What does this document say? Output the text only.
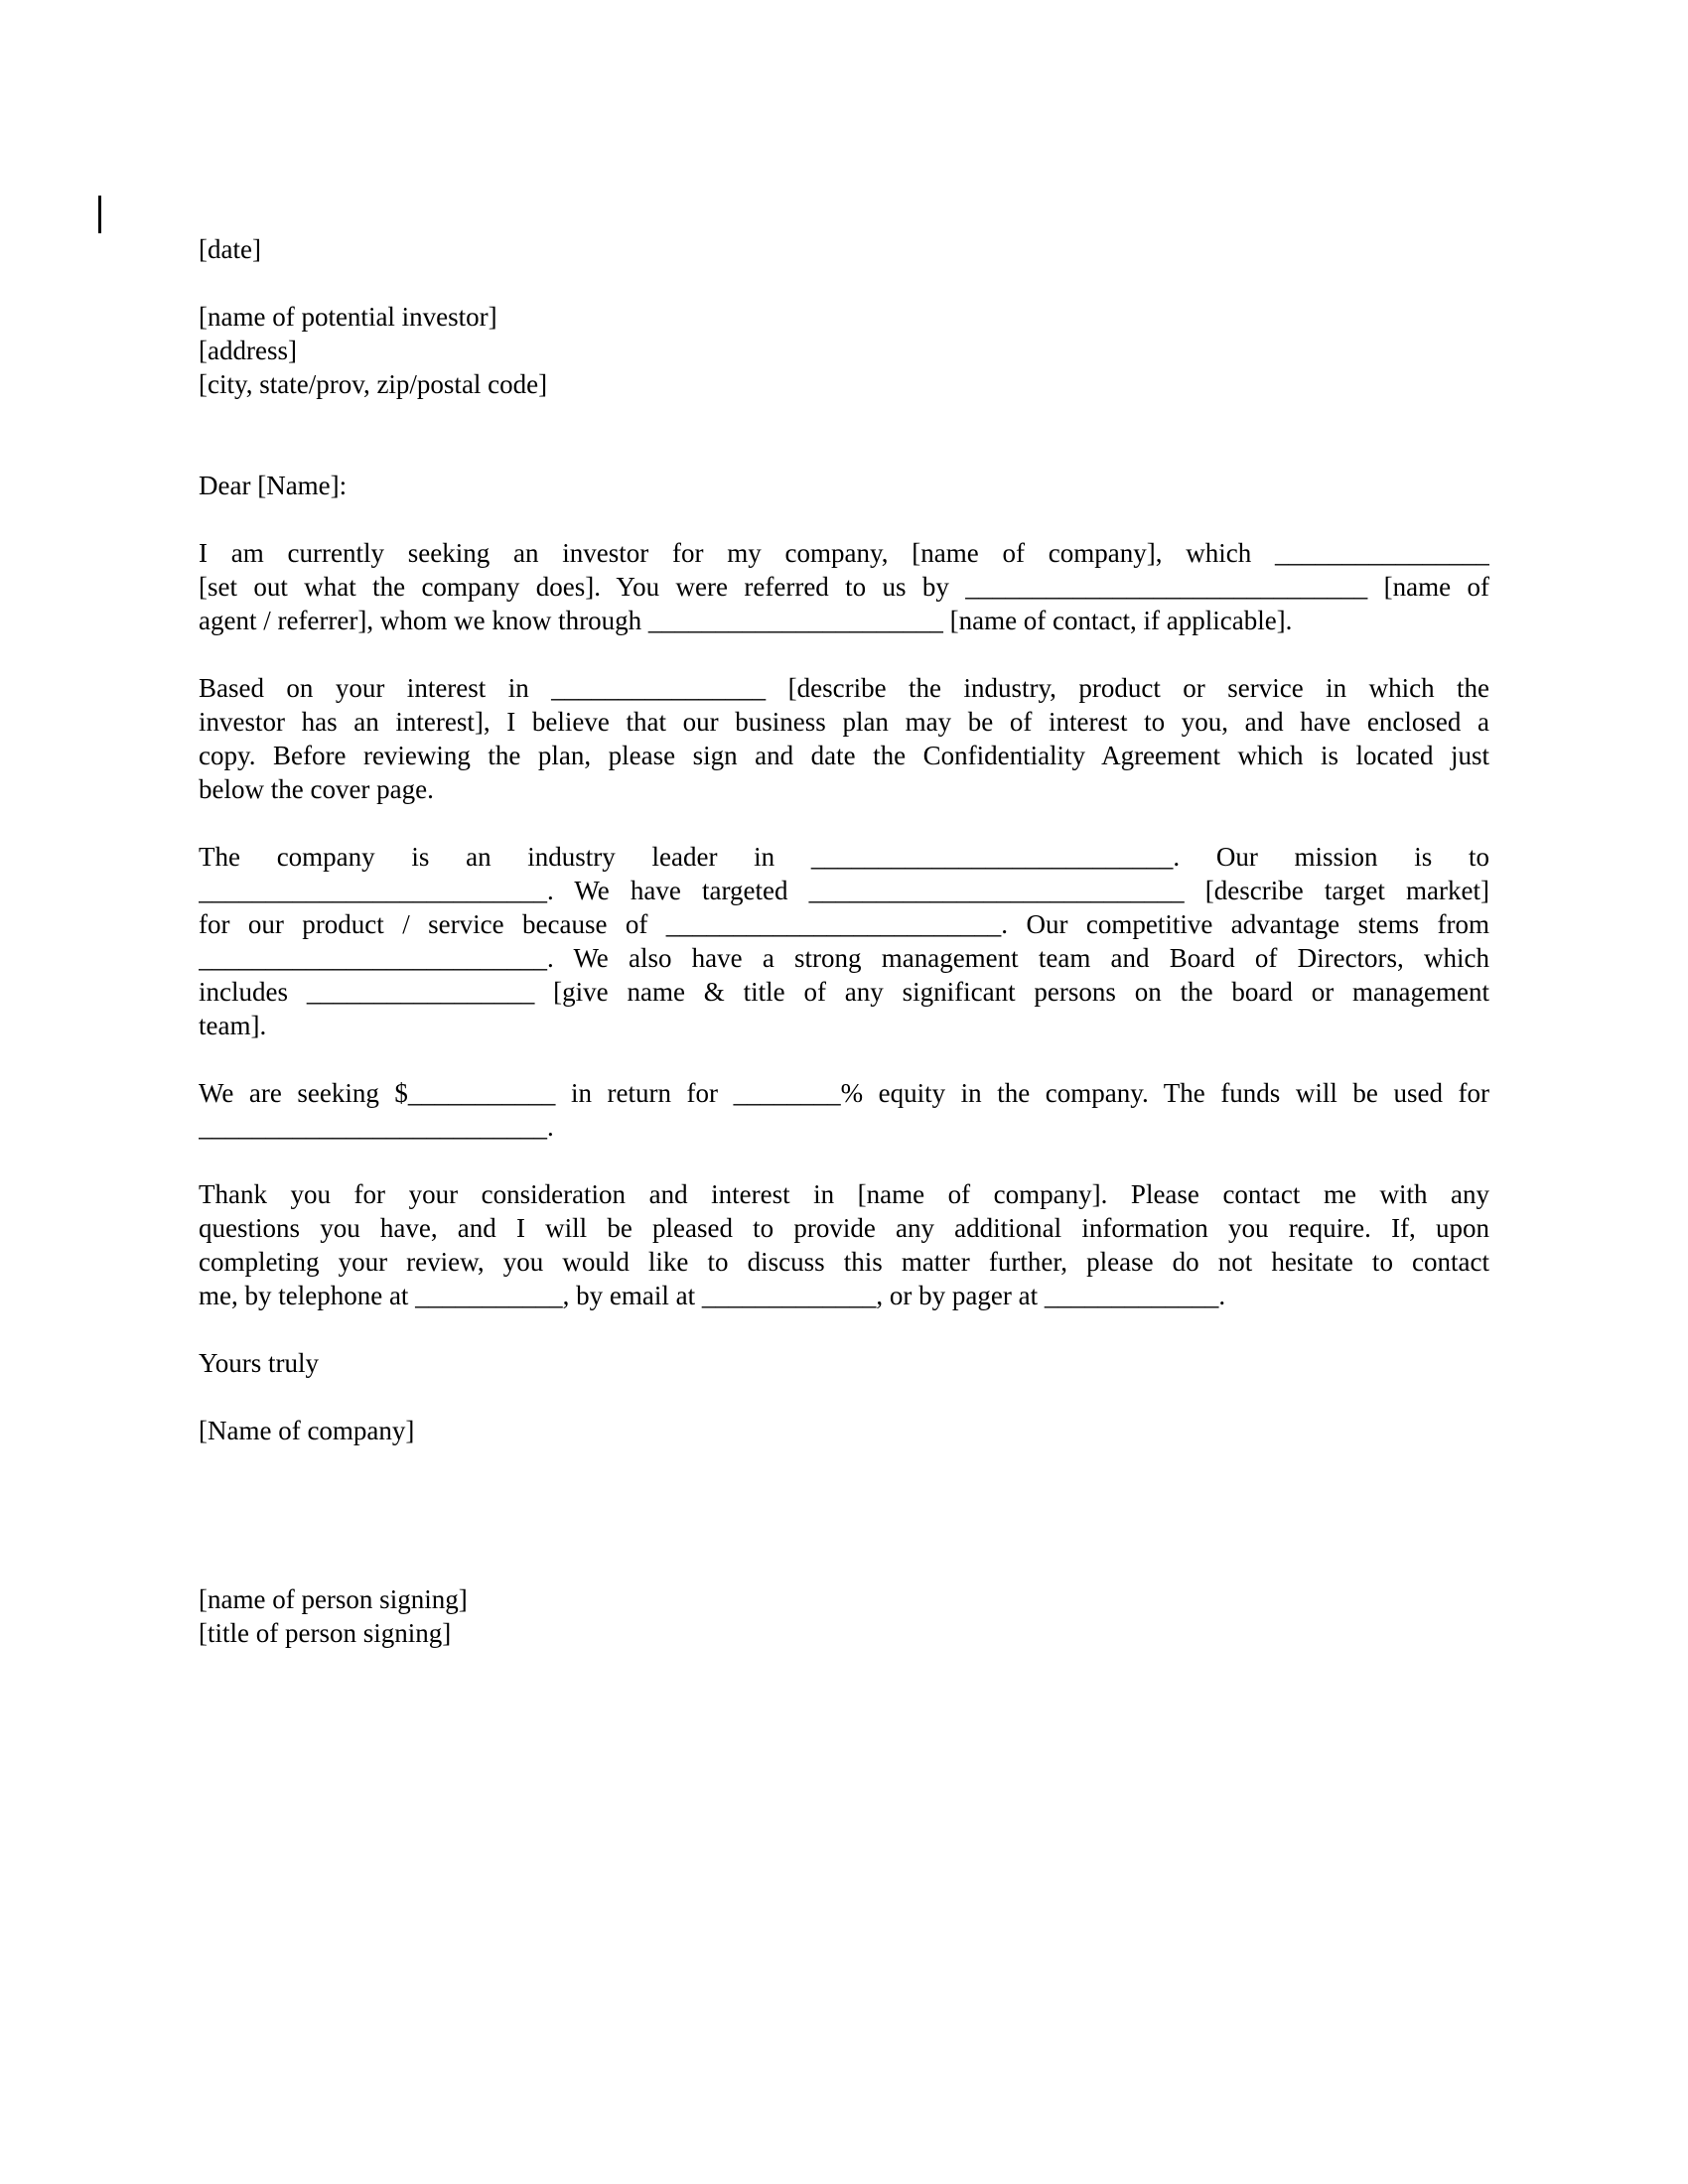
[date]
[name of potential investor]
[address]
[city, state/prov, zip/postal code]
Dear [Name]:
I am currently seeking an investor for my company, [name of company], which ________________
[set out what the company does]. You were referred to us by ______________________________ [name of
agent / referrer], whom we know through ______________________ [name of contact, if applicable].
Based on your interest in ________________ [describe the industry, product or service in which the
investor has an interest], I believe that our business plan may be of interest to you, and have enclosed a
copy. Before reviewing the plan, please sign and date the Confidentiality Agreement which is located just
below the cover page.
The company is an industry leader in ___________________________. Our mission is to
__________________________. We have targeted ____________________________ [describe target market]
for our product / service because of _________________________. Our competitive advantage stems from
__________________________. We also have a strong management team and Board of Directors, which
includes _________________ [give name & title of any significant persons on the board or management
team].
We are seeking $___________ in return for ________% equity in the company. The funds will be used for
__________________________.
Thank you for your consideration and interest in [name of company]. Please contact me with any
questions you have, and I will be pleased to provide any additional information you require. If, upon
completing your review, you would like to discuss this matter further, please do not hesitate to contact
me, by telephone at ___________, by email at _____________, or by pager at _____________.
Yours truly
[Name of company]
[name of person signing]
[title of person signing]
